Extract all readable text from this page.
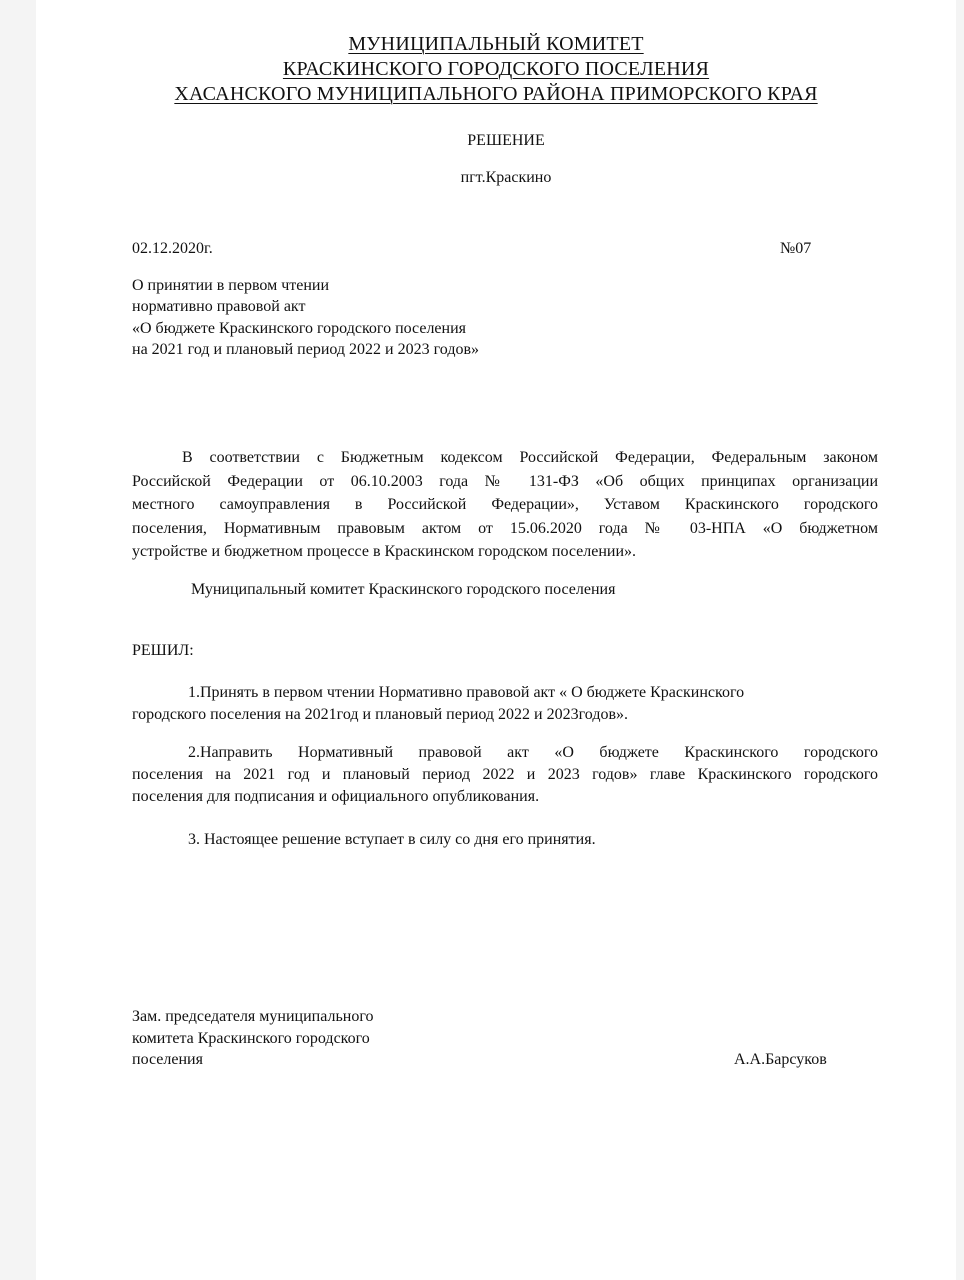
МУНИЦИПАЛЬНЫЙ КОМИТЕТ
КРАСКИНСКОГО ГОРОДСКОГО ПОСЕЛЕНИЯ
ХАСАНСКОГО МУНИЦИПАЛЬНОГО РАЙОНА ПРИМОРСКОГО КРАЯ
РЕШЕНИЕ
пгт.Краскино
02.12.2020г.	№07
О принятии в первом чтении
нормативно правовой акт
«О бюджете Краскинского городского поселения
на 2021 год и плановый период 2022 и 2023 годов»
В соответствии с Бюджетным кодексом Российской Федерации, Федеральным законом
Российской Федерации от 06.10.2003 года № 131-ФЗ «Об общих принципах организации
местного самоуправления в Российской Федерации», Уставом Краскинского городского
поселения, Нормативным правовым актом от 15.06.2020 года № 03-НПА «О бюджетном
устройстве и бюджетном процессе в Краскинском городском поселении».
Муниципальный комитет Краскинского городского поселения
РЕШИЛ:
1.Принять в первом чтении Нормативно правовой акт « О бюджете Краскинского
городского поселения на 2021год и плановый период 2022 и 2023годов».
2.Направить Нормативный правовой акт «О бюджете Краскинского городского
поселения на 2021 год и плановый период 2022 и 2023 годов» главе Краскинского городского
поселения для подписания и официального опубликования.
3. Настоящее решение вступает в силу со дня его принятия.
Зам. председателя муниципального
комитета Краскинского городского
поселения	А.А.Барсуков
